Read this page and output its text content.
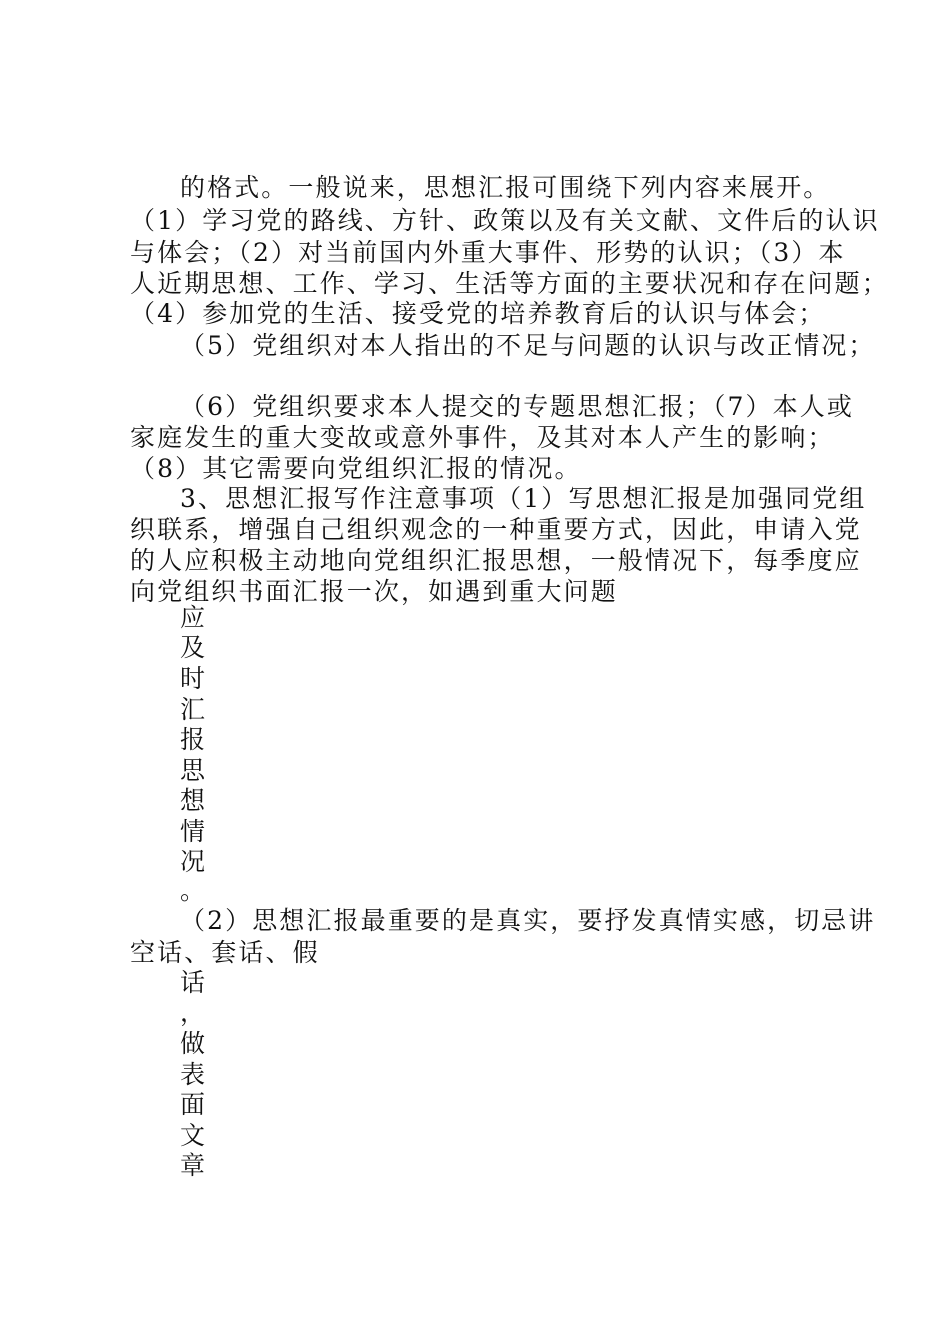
的格式。一般说来，思想汇报可围绕下列内容来展开。
（1）学习党的路线、方针、政策以及有关文献、文件后的认识
与体会；（2）对当前国内外重大事件、形势的认识；（3）本
人近期思想、工作、学习、生活等方面的主要状况和存在问题；
（4）参加党的生活、接受党的培养教育后的认识与体会；
（5）党组织对本人指出的不足与问题的认识与改正情况；
（6）党组织要求本人提交的专题思想汇报；（7）本人或
家庭发生的重大变故或意外事件，及其对本人产生的影响；
（8）其它需要向党组织汇报的情况。
3、思想汇报写作注意事项（1）写思想汇报是加强同党组
织联系，增强自己组织观念的一种重要方式，因此，申请入党
的人应积极主动地向党组织汇报思想，一般情况下，每季度应
向党组织书面汇报一次，如遇到重大问题
应
及
时
汇
报
思
想
情
况
。
（2）思想汇报最重要的是真实，要抒发真情实感，切忌讲
空话、套话、假
话
，
做
表
面
文
章
